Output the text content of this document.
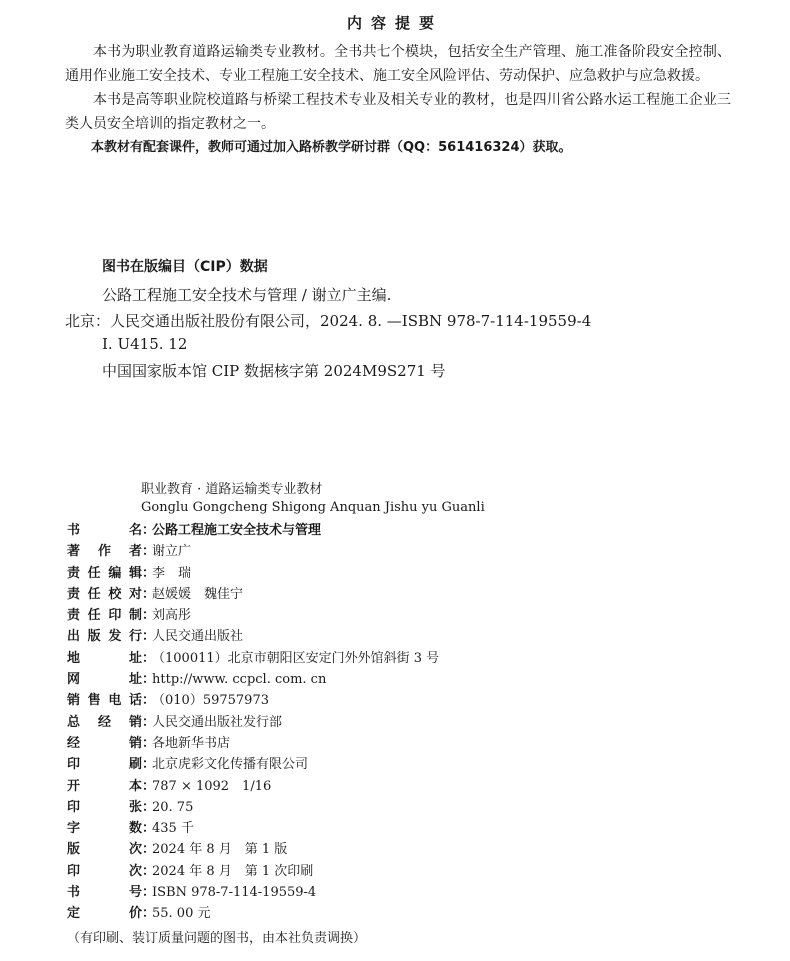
内容提要

本书为职业教育道路运输类专业教材。全书共七个模块，包括安全生产管理、施工准备阶段安全控制、通用作业施工安全技术、专业工程施工安全技术、施工安全风险评估、劳动保护、应急救护与应急救援。

本书是高等职业院校道路与桥梁工程技术专业及相关专业的教材，也是四川省公路水运工程施工企业三类人员安全培训的指定教材之一。

本教材有配套课件，教师可通过加入路桥教学研讨群（QQ：561416324）获取。

图书在版编目（CIP）数据
公路工程施工安全技术与管理 / 谢立广主编.
北京：人民交通出版社股份有限公司，2024. 8. —ISBN 978-7-114-19559-4
Ⅰ. U415. 12
中国国家版本馆 CIP 数据核字第 2024M9S271 号
职业教育 · 道路运输类专业教材
Gonglu Gongcheng Shigong Anquan Jishu yu Guanli
书	名 ：
公路工程施工安全技术与管理
著 作 者 ：
谢立广
责 任 编 辑 ：
李　瑞
责 任 校 对 ：
赵媛媛　魏佳宁
责 任 印 制 ：
刘高彤
出 版 发 行 ：
人民交通出版社
地	址 ：
（100011）北京市朝阳区安定门外外馆斜街 3 号
网	址 ：
http://www. ccpcl. com. cn
销 售 电 话 ：
（010）59757973
总 经 销 ：
人民交通出版社发行部
经	销 ：
各地新华书店
印	刷 ：
北京虎彩文化传播有限公司
开	本 ：
787 × 1092　1/16
印	张 ：
20. 75
字	数 ：
435 千
版	次 ：
2024 年 8 月　第 1 版
印	次 ：
2024 年 8 月　第 1 次印刷
书	号 ：
ISBN 978-7-114-19559-4
定	价 ：
55. 00 元
（有印刷、装订质量问题的图书，由本社负责调换）
